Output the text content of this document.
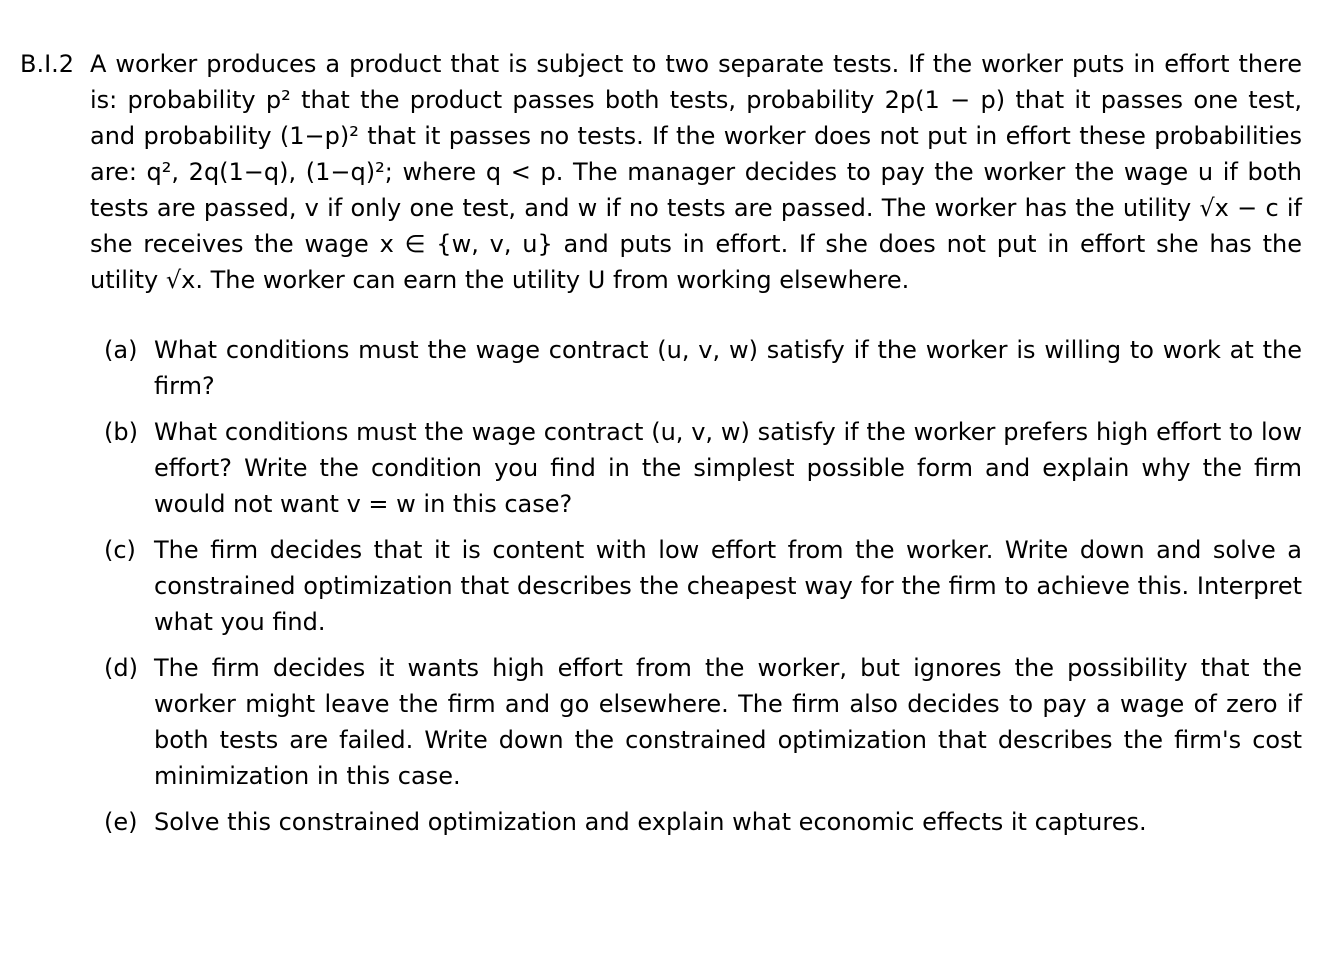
B.I.2 A worker produces a product that is subject to two separate tests. If the worker puts in effort there is: probability p² that the product passes both tests, probability 2p(1 − p) that it passes one test, and probability (1−p)² that it passes no tests. If the worker does not put in effort these probabilities are: q², 2q(1−q), (1−q)²; where q < p. The manager decides to pay the worker the wage u if both tests are passed, v if only one test, and w if no tests are passed. The worker has the utility √x − c if she receives the wage x ∈ {w, v, u} and puts in effort. If she does not put in effort she has the utility √x. The worker can earn the utility U from working elsewhere.
(a) What conditions must the wage contract (u, v, w) satisfy if the worker is willing to work at the firm?
(b) What conditions must the wage contract (u, v, w) satisfy if the worker prefers high effort to low effort? Write the condition you find in the simplest possible form and explain why the firm would not want v = w in this case?
(c) The firm decides that it is content with low effort from the worker. Write down and solve a constrained optimization that describes the cheapest way for the firm to achieve this. Interpret what you find.
(d) The firm decides it wants high effort from the worker, but ignores the possibility that the worker might leave the firm and go elsewhere. The firm also decides to pay a wage of zero if both tests are failed. Write down the constrained optimization that describes the firm's cost minimization in this case.
(e) Solve this constrained optimization and explain what economic effects it captures.
